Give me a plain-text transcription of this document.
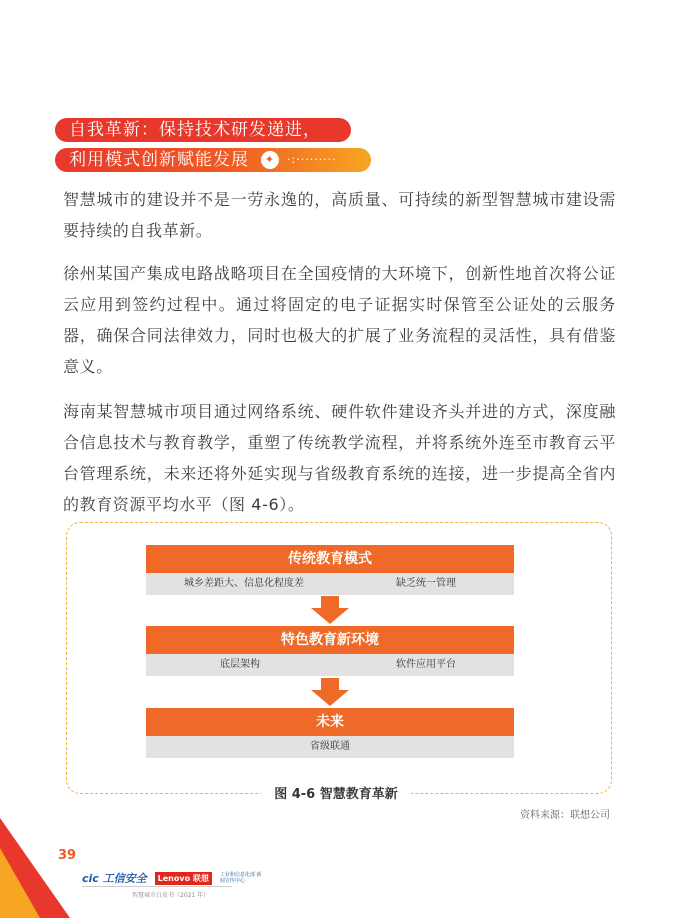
自我革新：保持技术研发递进，
利用模式创新赋能发展	✦	·:·········

智慧城市的建设并不是一劳永逸的，高质量、可持续的新型智慧城市建设需要持续的自我革新。

徐州某国产集成电路战略项目在全国疫情的大环境下，创新性地首次将公证云应用到签约过程中。通过将固定的电子证据实时保管至公证处的云服务器，确保合同法律效力，同时也极大的扩展了业务流程的灵活性，具有借鉴意义。

海南某智慧城市项目通过网络系统、硬件软件建设齐头并进的方式，深度融合信息技术与教育教学，重塑了传统教学流程，并将系统外连至市教育云平台管理系统，未来还将外延实现与省级教育系统的连接，进一步提高全省内的教育资源平均水平（图 4-6）。

传统教育模式
城乡差距大、信息化程度差	缺乏统一管理
特色教育新环境
底层架构	软件应用平台
未来
省级联通
图 4-6 智慧教育革新
资料来源：联想公司
39
cic 工信安全	Lenovo 联想	工业和信息化部 新闻宣传中心
智慧城市白皮书（2021 年）
